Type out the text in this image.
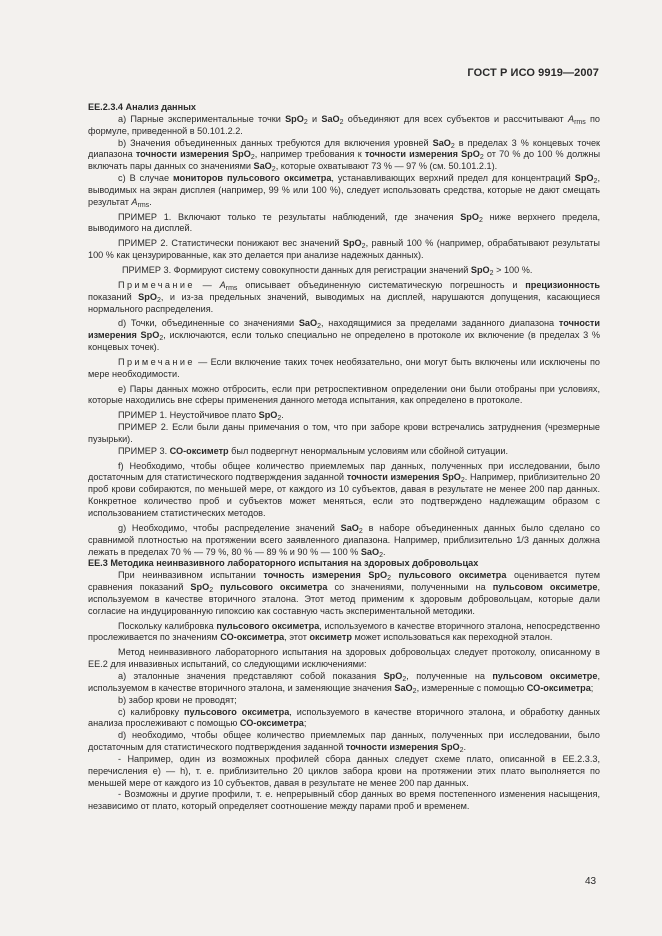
ГОСТ Р ИСО 9919—2007

ЕЕ.2.3.4 Анализ данных

а) Парные экспериментальные точки SpO$_2$ и SaO$_2$ объединяют для всех субъектов и рассчитывают $A_{rms}$ по формуле, приведенной в 50.101.2.2.

b) Значения объединенных данных требуются для включения уровней SaO$_2$ в пределах 3 % концевых точек диапазона точности измерения SpO$_2$, например требования к точности измерения SpO$_2$ от 70 % до 100 % должны включать пары данных со значениями SaO$_2$, которые охватывают 73 % — 97 % (см. 50.101.2.1).

с) В случае мониторов пульсового оксиметра, устанавливающих верхний предел для концентраций SpO$_2$, выводимых на экран дисплея (например, 99 % или 100 %), следует использовать средства, которые не дают смещать результат $A_{rms}$.

ПРИМЕР 1. Включают только те результаты наблюдений, где значения SpO$_2$ ниже верхнего предела, выводимого на дисплей.

ПРИМЕР 2. Статистически понижают вес значений SpO$_2$, равный 100 % (например, обрабатывают результаты 100 % как цензурированные, как это делается при анализе надежных данных).

ПРИМЕР 3. Формируют систему совокупности данных для регистрации значений SpO$_2$ > 100 %.

Примечание — $A_{rms}$ описывает объединенную систематическую погрешность и прецизионность показаний SpO$_2$, и из-за предельных значений, выводимых на дисплей, нарушаются допущения, касающиеся нормального распределения.

d) Точки, объединенные со значениями SaO$_2$, находящимися за пределами заданного диапазона точности измерения SpO$_2$, исключаются, если только специально не определено в протоколе их включение (в пределах 3 % концевых точек).

Примечание — Если включение таких точек необязательно, они могут быть включены или исключены по мере необходимости.

е) Пары данных можно отбросить, если при ретроспективном определении они были отобраны при условиях, которые находились вне сферы применения данного метода испытания, как определено в протоколе.

ПРИМЕР 1. Неустойчивое плато SpO$_2$.

ПРИМЕР 2. Если были даны примечания о том, что при заборе крови встречались затруднения (чрезмерные пузырьки).

ПРИМЕР 3. СО-оксиметр был подвергнут ненормальным условиям или сбойной ситуации.

f) Необходимо, чтобы общее количество приемлемых пар данных, полученных при исследовании, было достаточным для статистического подтверждения заданной точности измерения SpO$_2$. Например, приблизительно 20 проб крови собираются, по меньшей мере, от каждого из 10 субъектов, давая в результате не менее 200 пар данных. Конкретное количество проб и субъектов может меняться, если это подтверждено надлежащим образом с использованием статистических методов.

g) Необходимо, чтобы распределение значений SaO$_2$ в наборе объединенных данных было сделано со сравнимой плотностью на протяжении всего заявленного диапазона. Например, приблизительно 1/3 данных должна лежать в пределах 70 % — 79 %, 80 % — 89 % и 90 % — 100 % SaO$_2$.

ЕЕ.3 Методика неинвазивного лабораторного испытания на здоровых добровольцах

При неинвазивном испытании точность измерения SpO$_2$ пульсового оксиметра оценивается путем сравнения показаний SpO$_2$ пульсового оксиметра со значениями, полученными на пульсовом оксиметре, используемом в качестве вторичного эталона. Этот метод применим к здоровым добровольцам, которые дали согласие на индуцированную гипоксию как составную часть экспериментальной методики.

Поскольку калибровка пульсового оксиметра, используемого в качестве вторичного эталона, непосредственно прослеживается по значениям СО-оксиметра, этот оксиметр может использоваться как переходной эталон.

Метод неинвазивного лабораторного испытания на здоровых добровольцах следует протоколу, описанному в ЕЕ.2 для инвазивных испытаний, со следующими исключениями:

а) эталонные значения представляют собой показания SpO$_2$, полученные на пульсовом оксиметре, используемом в качестве вторичного эталона, и заменяющие значения SaO$_2$, измеренные с помощью СО-оксиметра;

b) забор крови не проводят;

с) калибровку пульсового оксиметра, используемого в качестве вторичного эталона, и обработку данных анализа прослеживают с помощью СО-оксиметра;

d) необходимо, чтобы общее количество приемлемых пар данных, полученных при исследовании, было достаточным для статистического подтверждения заданной точности измерения SpO$_2$.

- Например, один из возможных профилей сбора данных следует схеме плато, описанной в ЕЕ.2.3.3, перечисления е) — h), т. е. приблизительно 20 циклов забора крови на протяжении этих плато выполняется по меньшей мере от каждого из 10 субъектов, давая в результате не менее 200 пар данных.

- Возможны и другие профили, т. е. непрерывный сбор данных во время постепенного изменения насыщения, независимо от плато, который определяет соотношение между парами проб и временем.

43
